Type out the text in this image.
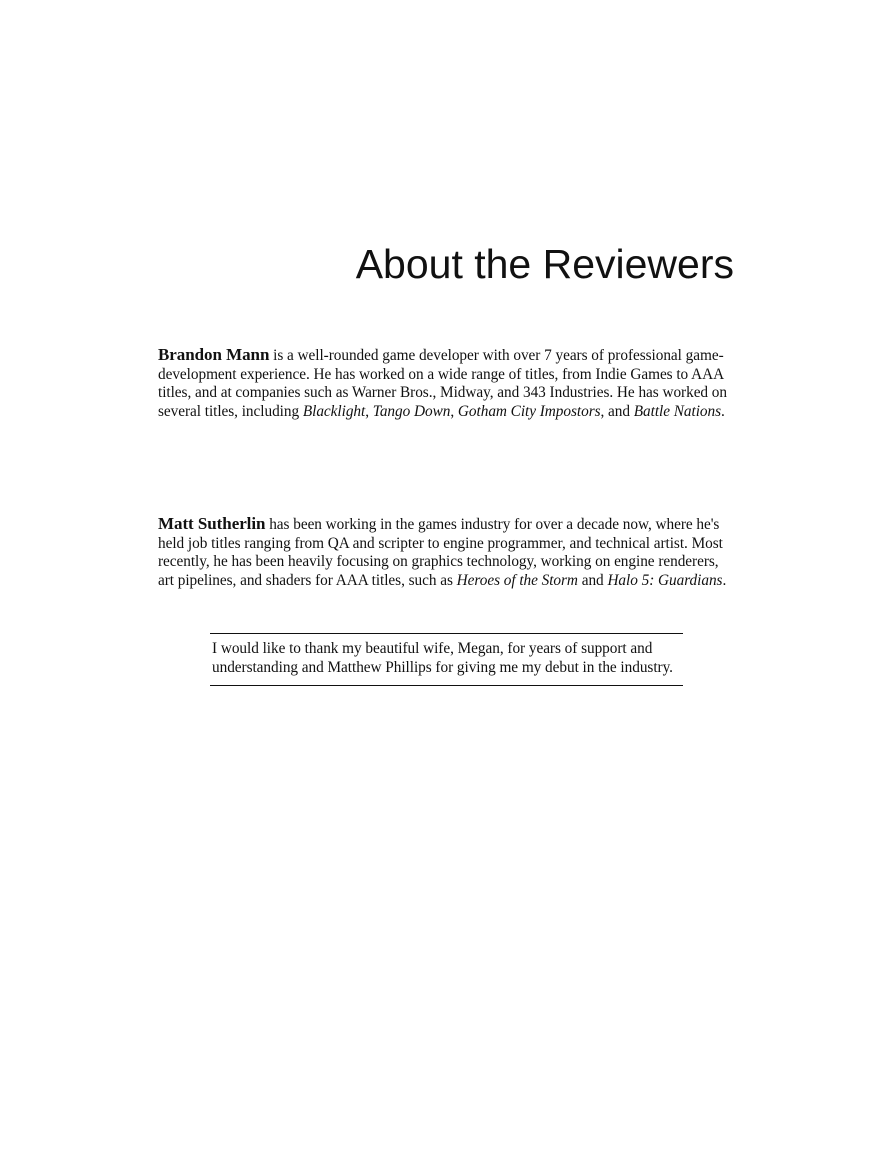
About the Reviewers

Brandon Mann is a well-rounded game developer with over 7 years of professional game-development experience. He has worked on a wide range of titles, from Indie Games to AAA titles, and at companies such as Warner Bros., Midway, and 343 Industries. He has worked on several titles, including Blacklight, Tango Down, Gotham City Impostors, and Battle Nations.

Matt Sutherlin has been working in the games industry for over a decade now, where he's held job titles ranging from QA and scripter to engine programmer, and technical artist. Most recently, he has been heavily focusing on graphics technology, working on engine renderers, art pipelines, and shaders for AAA titles, such as Heroes of the Storm and Halo 5: Guardians.

I would like to thank my beautiful wife, Megan, for years of support and understanding and Matthew Phillips for giving me my debut in the industry.
